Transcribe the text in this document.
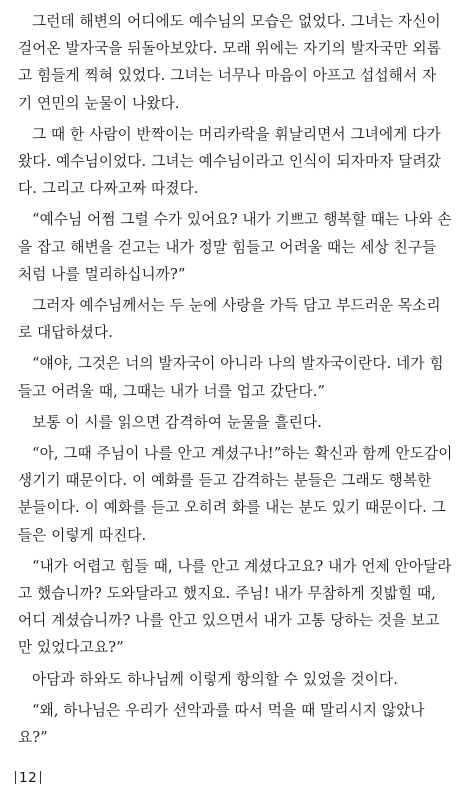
그런데 해변의 어디에도 예수님의 모습은 없었다. 그녀는 자신이
걸어온 발자국을 뒤돌아보았다. 모래 위에는 자기의 발자국만 외롭
고 힘들게 찍혀 있었다. 그녀는 너무나 마음이 아프고 섭섭해서 자
기 연민의 눈물이 나왔다.
그 때 한 사람이 반짝이는 머리카락을 휘날리면서 그녀에게 다가
왔다. 예수님이었다. 그녀는 예수님이라고 인식이 되자마자 달려갔
다. 그리고 다짜고짜 따졌다.
“예수님 어쩜 그럴 수가 있어요? 내가 기쁘고 행복할 때는 나와 손
을 잡고 해변을 걷고는 내가 정말 힘들고 어려울 때는 세상 친구들
처럼 나를 멀리하십니까?”
그러자 예수님께서는 두 눈에 사랑을 가득 담고 부드러운 목소리
로 대답하셨다.
“얘야, 그것은 너의 발자국이 아니라 나의 발자국이란다. 네가 힘
들고 어려울 때, 그때는 내가 너를 업고 갔단다.”
보통 이 시를 읽으면 감격하여 눈물을 흘린다.
“아, 그때 주님이 나를 안고 계셨구나!”하는 확신과 함께 안도감이
생기기 때문이다. 이 예화를 듣고 감격하는 분들은 그래도 행복한
분들이다. 이 예화를 듣고 오히려 화를 내는 분도 있기 때문이다. 그
들은 이렇게 따진다.
“내가 어렵고 힘들 때, 나를 안고 계셨다고요? 내가 언제 안아달라
고 했습니까? 도와달라고 했지요. 주님! 내가 무참하게 짓밟힐 때,
어디 계셨습니까? 나를 안고 있으면서 내가 고통 당하는 것을 보고
만 있었다고요?”
아담과 하와도 하나님께 이렇게 항의할 수 있었을 것이다.
“왜, 하나님은 우리가 선악과를 따서 먹을 때 말리시지 않았나
요?”
12
